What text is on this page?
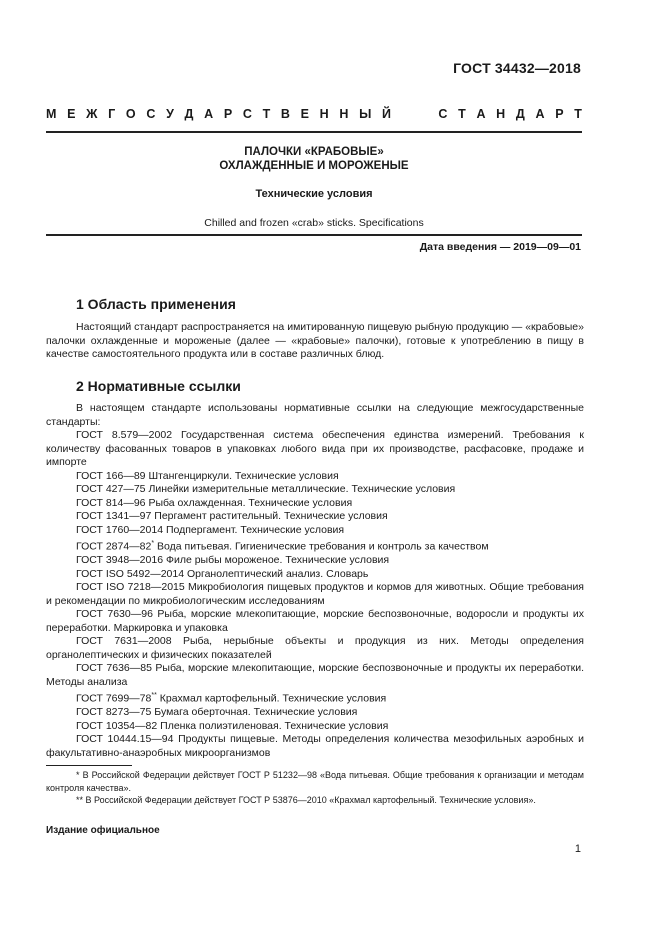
ГОСТ 34432—2018
М Е Ж Г О С У Д А Р С Т В Е Н Н Ы Й	С Т А Н Д А Р Т
ПАЛОЧКИ «КРАБОВЫЕ»
ОХЛАЖДЕННЫЕ И МОРОЖЕНЫЕ
Технические условия
Chilled and frozen «crab» sticks. Specifications
Дата введения — 2019—09—01
1 Область применения

Настоящий стандарт распространяется на имитированную пищевую рыбную продукцию — «крабовые» палочки охлажденные и мороженые (далее — «крабовые» палочки), готовые к употреблению в пищу в качестве самостоятельного продукта или в составе различных блюд.

2 Нормативные ссылки

В настоящем стандарте использованы нормативные ссылки на следующие межгосударственные стандарты:

ГОСТ 8.579—2002 Государственная система обеспечения единства измерений. Требования к количеству фасованных товаров в упаковках любого вида при их производстве, расфасовке, продаже и импорте

ГОСТ 166—89 Штангенциркули. Технические условия

ГОСТ 427—75 Линейки измерительные металлические. Технические условия

ГОСТ 814—96 Рыба охлажденная. Технические условия

ГОСТ 1341—97 Пергамент растительный. Технические условия

ГОСТ 1760—2014 Подпергамент. Технические условия

ГОСТ 2874—82* Вода питьевая. Гигиенические требования и контроль за качеством

ГОСТ 3948—2016 Филе рыбы мороженое. Технические условия

ГОСТ ISO 5492—2014 Органолептический анализ. Словарь

ГОСТ ISO 7218—2015 Микробиология пищевых продуктов и кормов для животных. Общие требования и рекомендации по микробиологическим исследованиям

ГОСТ 7630—96 Рыба, морские млекопитающие, морские беспозвоночные, водоросли и продукты их переработки. Маркировка и упаковка

ГОСТ 7631—2008 Рыба, нерыбные объекты и продукция из них. Методы определения органолептических и физических показателей

ГОСТ 7636—85 Рыба, морские млекопитающие, морские беспозвоночные и продукты их переработки. Методы анализа

ГОСТ 7699—78** Крахмал картофельный. Технические условия

ГОСТ 8273—75 Бумага оберточная. Технические условия

ГОСТ 10354—82 Пленка полиэтиленовая. Технические условия

ГОСТ 10444.15—94 Продукты пищевые. Методы определения количества мезофильных аэробных и факультативно-анаэробных микроорганизмов

* В Российской Федерации действует ГОСТ Р 51232—98 «Вода питьевая. Общие требования к организации и методам контроля качества».

** В Российской Федерации действует ГОСТ Р 53876—2010 «Крахмал картофельный. Технические условия».

Издание официальное
1
